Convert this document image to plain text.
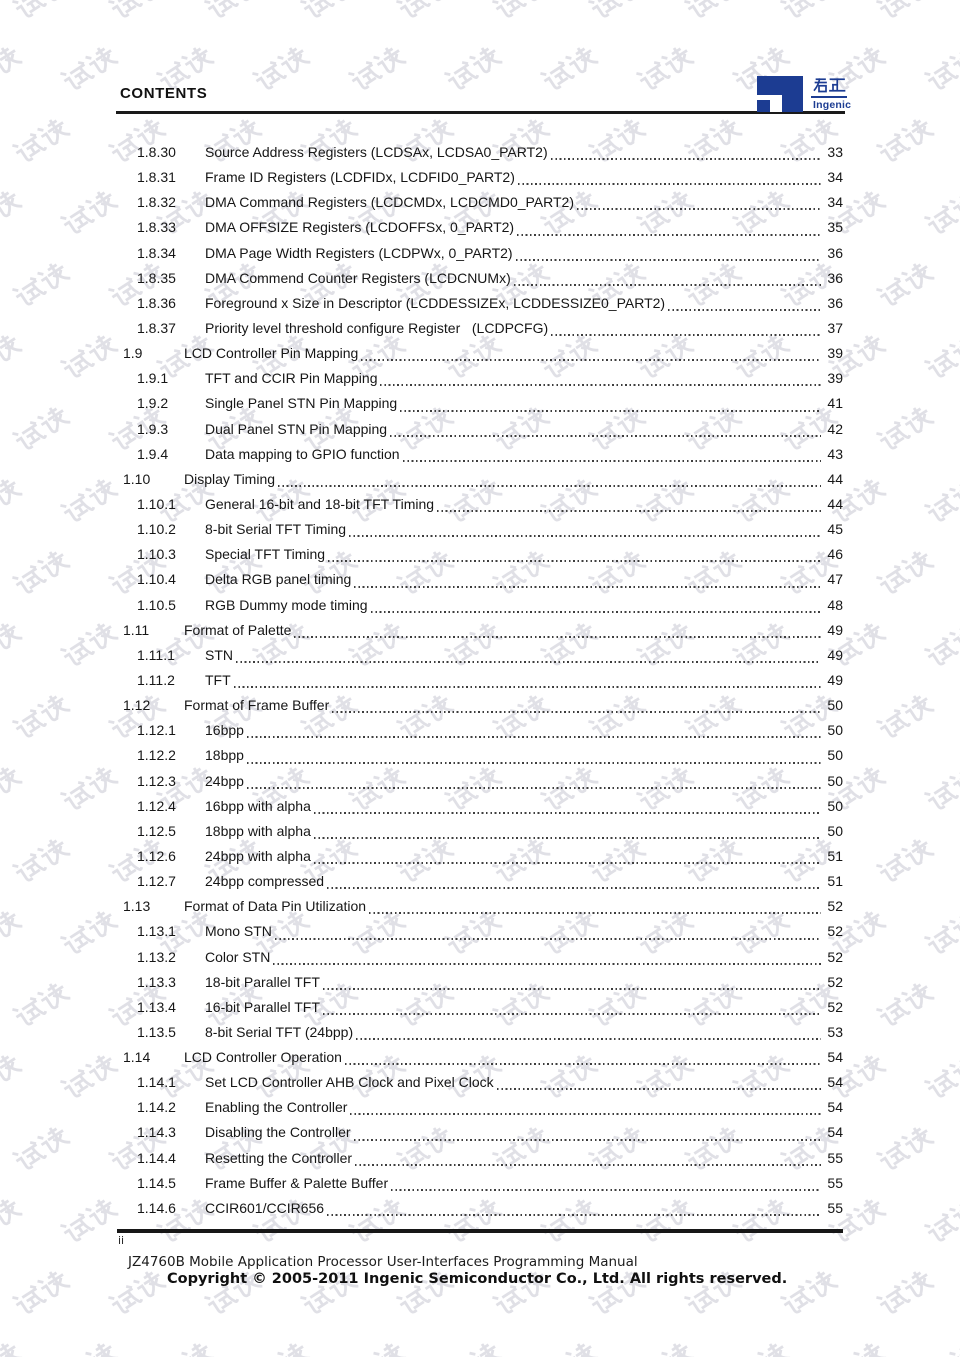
CONTENTS
Ingenic
1.8.30	Source Address Registers (LCDSAx, LCDSA0_PART2)	33
1.8.31	Frame ID Registers (LCDFIDx, LCDFID0_PART2)	34
1.8.32	DMA Command Registers (LCDCMDx, LCDCMD0_PART2)	34
1.8.33	DMA OFFSIZE Registers (LCDOFFSx, 0_PART2)	35
1.8.34	DMA Page Width Registers (LCDPWx, 0_PART2)	36
1.8.35	DMA Commend Counter Registers (LCDCNUMx)	36
1.8.36	Foreground x Size in Descriptor (LCDDESSIZEx, LCDDESSIZE0_PART2)	36
1.8.37	Priority level threshold configure Register   (LCDPCFG)	37
1.9	LCD Controller Pin Mapping	39
1.9.1	TFT and CCIR Pin Mapping	39
1.9.2	Single Panel STN Pin Mapping	41
1.9.3	Dual Panel STN Pin Mapping	42
1.9.4	Data mapping to GPIO function	43
1.10	Display Timing	44
1.10.1	General 16-bit and 18-bit TFT Timing	44
1.10.2	8-bit Serial TFT Timing	45
1.10.3	Special TFT Timing	46
1.10.4	Delta RGB panel timing	47
1.10.5	RGB Dummy mode timing	48
1.11	Format of Palette	49
1.11.1	STN	49
1.11.2	TFT	49
1.12	Format of Frame Buffer	50
1.12.1	16bpp	50
1.12.2	18bpp	50
1.12.3	24bpp	50
1.12.4	16bpp with alpha	50
1.12.5	18bpp with alpha	50
1.12.6	24bpp with alpha	51
1.12.7	24bpp compressed	51
1.13	Format of Data Pin Utilization	52
1.13.1	Mono STN	52
1.13.2	Color STN	52
1.13.3	18-bit Parallel TFT	52
1.13.4	16-bit Parallel TFT	52
1.13.5	8-bit Serial TFT (24bpp)	53
1.14	LCD Controller Operation	54
1.14.1	Set LCD Controller AHB Clock and Pixel Clock	54
1.14.2	Enabling the Controller	54
1.14.3	Disabling the Controller	54
1.14.4	Resetting the Controller	55
1.14.5	Frame Buffer & Palette Buffer	55
1.14.6	CCIR601/CCIR656	55
ii
JZ4760B Mobile Application Processor User-Interfaces Programming Manual
Copyright © 2005-2011 Ingenic Semiconductor Co., Ltd. All rights reserved.
